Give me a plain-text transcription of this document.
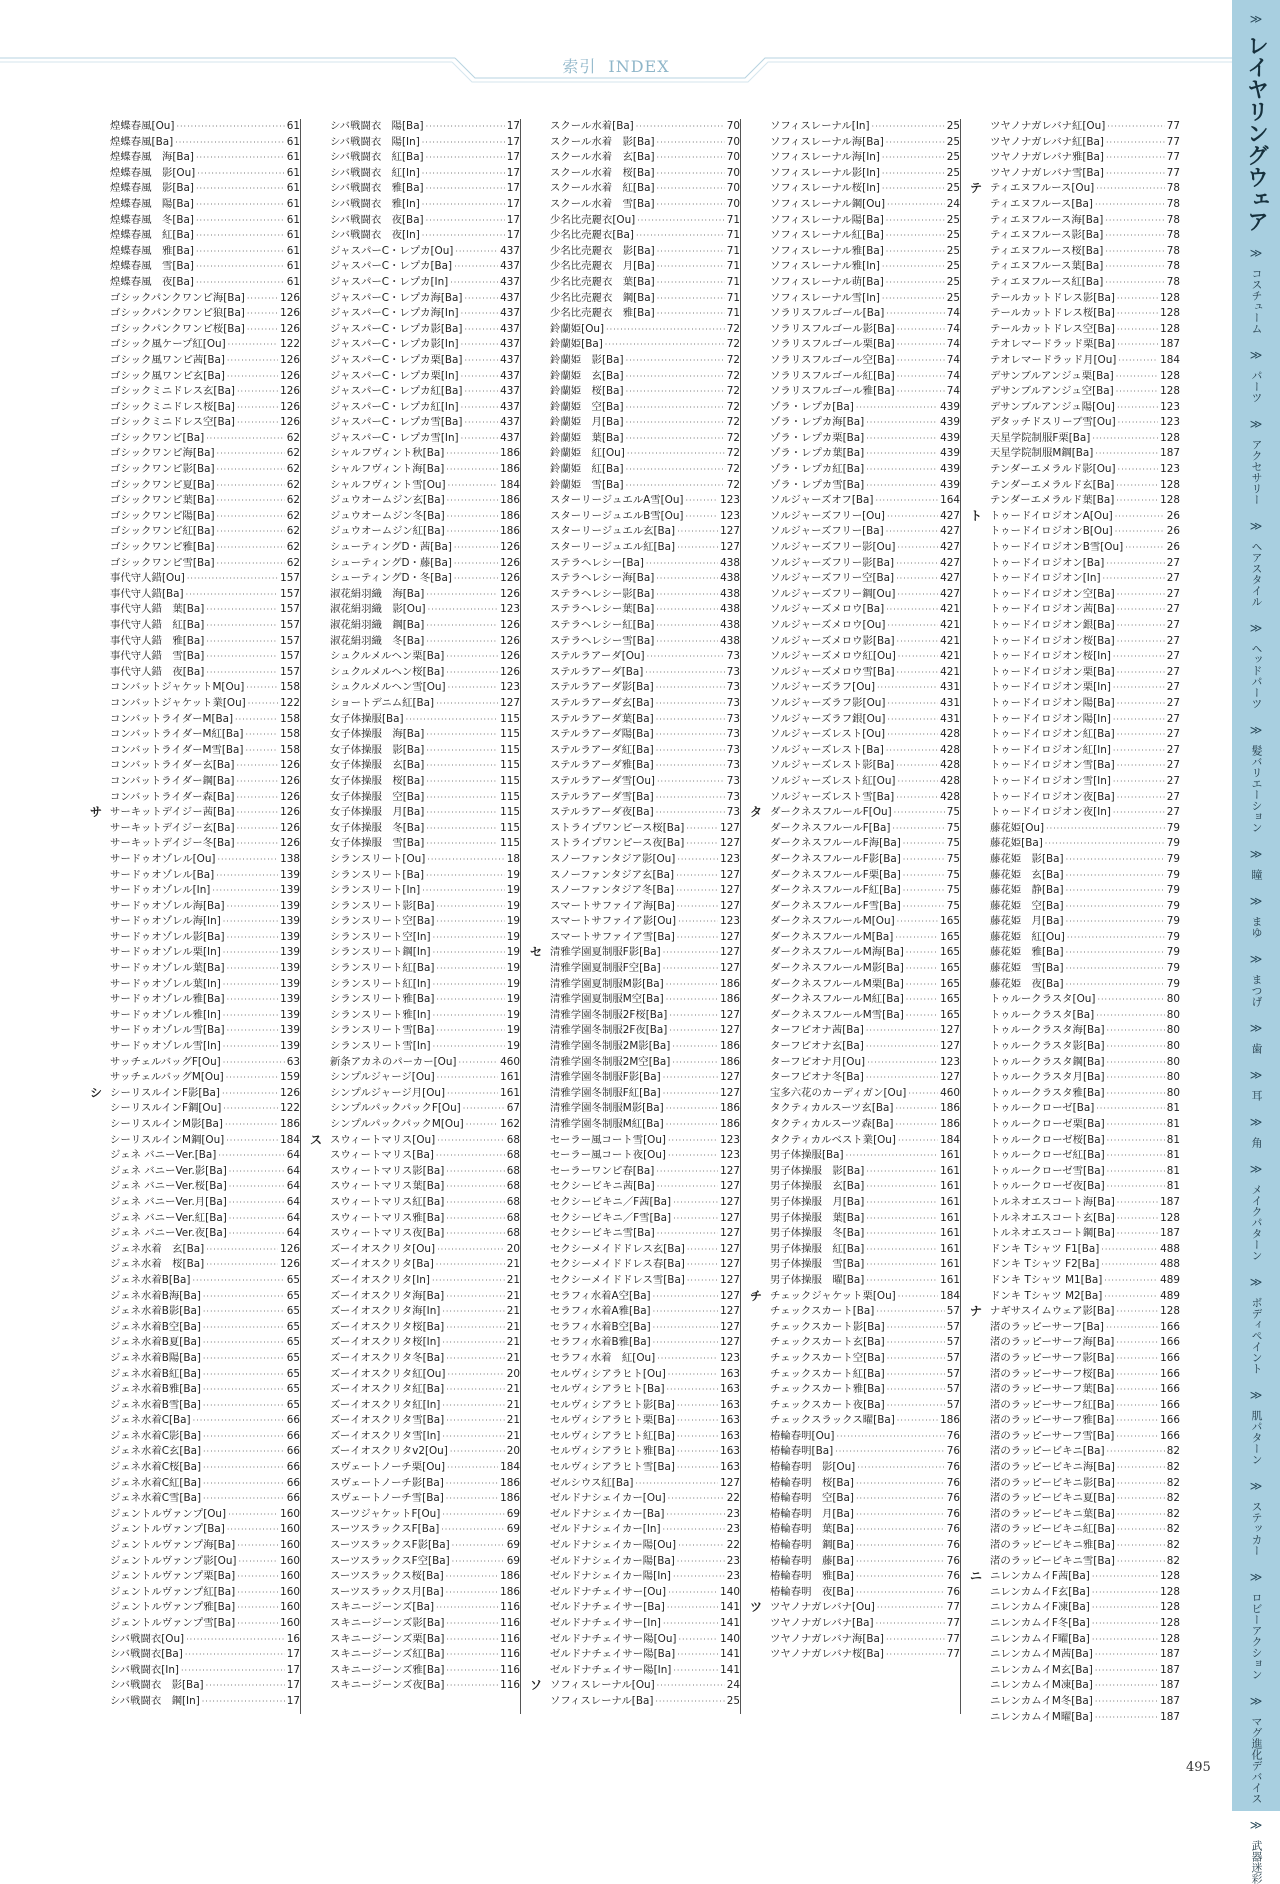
索引 INDEX
煌蝶春風[Ou] ·····	61
煌蝶春風[Ba] ·····	61
煌蝶春風　海[Ba] ·····	61
煌蝶春風　影[Ou] ·····	61
煌蝶春風　影[Ba] ·····	61
煌蝶春風　陽[Ba] ·····	61
煌蝶春風　冬[Ba] ·····	61
煌蝶春風　紅[Ba] ·····	61
煌蝶春風　雅[Ba] ·····	61
煌蝶春風　雪[Ba] ·····	61
煌蝶春風　夜[Ba] ·····	61
ゴシックパンクワンピ海[Ba] ·····	126
ゴシックパンクワンピ狼[Ba] ·····	126
ゴシックパンクワンピ桜[Ba] ·····	126
ゴシック風ケープ紅[Ou] ·····	122
ゴシック風ワンピ茜[Ba] ·····	126
ゴシック風ワンピ玄[Ba] ·····	126
ゴシックミニドレス玄[Ba] ·····	126
ゴシックミニドレス桜[Ba] ·····	126
ゴシックミニドレス空[Ba] ·····	126
ゴシックワンピ[Ba] ·····	62
ゴシックワンピ海[Ba] ·····	62
ゴシックワンピ影[Ba] ·····	62
ゴシックワンピ夏[Ba] ·····	62
ゴシックワンピ葉[Ba] ·····	62
ゴシックワンピ陽[Ba] ·····	62
ゴシックワンピ紅[Ba] ·····	62
ゴシックワンピ雅[Ba] ·····	62
ゴシックワンピ雪[Ba] ·····	62
事代守人錯[Ou] ·····	157
事代守人錯[Ba] ·····	157
事代守人錯　葉[Ba] ·····	157
事代守人錯　紅[Ba] ·····	157
事代守人錯　雅[Ba] ·····	157
事代守人錯　雪[Ba] ·····	157
事代守人錯　夜[Ba] ·····	157
コンバットジャケットM[Ou] ·····	158
コンバットジャケット業[Ou] ·····	122
コンバットライダーM[Ba] ·····	158
コンバットライダーM紅[Ba] ·····	158
コンバットライダーM雪[Ba] ·····	158
コンバットライダー玄[Ba] ·····	126
コンバットライダー鋼[Ba] ·····	126
コンバットライダー森[Ba] ·····	126
サ サーキットデイジー茜[Ba] ·····	126
サーキットデイジー玄[Ba] ·····	126
サーキットデイジー冬[Ba] ·····	126
サードゥオゾレル[Ou] ·····	138
サードゥオゾレル[Ba] ·····	139
サードゥオゾレル[In] ·····	139
サードゥオゾレル海[Ba] ·····	139
サードゥオゾレル海[In] ·····	139
サードゥオゾレル影[Ba] ·····	139
サードゥオゾレル栗[In] ·····	139
サードゥオゾレル葉[Ba] ·····	139
サードゥオゾレル葉[In] ·····	139
サードゥオゾレル雅[Ba] ·····	139
サードゥオゾレル雅[In] ·····	139
サードゥオゾレル雪[Ba] ·····	139
サードゥオゾレル雪[In] ·····	139
サッチェルバッグF[Ou] ·····	63
サッチェルバッグM[Ou] ·····	159
シ シーリスルインF影[Ba] ·····	126
シーリスルインF鋼[Ou] ·····	122
シーリスルインM影[Ba] ·····	186
シーリスルインM鋼[Ou] ·····	184
ジェネ バニーVer.[Ba] ·····	64
ジェネ バニーVer.影[Ba] ·····	64
ジェネ バニーVer.桜[Ba] ·····	64
ジェネ バニーVer.月[Ba] ·····	64
ジェネ バニーVer.紅[Ba] ·····	64
ジェネ バニーVer.夜[Ba] ·····	64
ジェネ水着　玄[Ba] ·····	126
ジェネ水着　桜[Ba] ·····	126
ジェネ水着B[Ba] ·····	65
ジェネ水着B海[Ba] ·····	65
ジェネ水着B影[Ba] ·····	65
ジェネ水着B空[Ba] ·····	65
ジェネ水着B夏[Ba] ·····	65
ジェネ水着B陽[Ba] ·····	65
ジェネ水着B紅[Ba] ·····	65
ジェネ水着B雅[Ba] ·····	65
ジェネ水着B雪[Ba] ·····	65
ジェネ水着C[Ba] ·····	66
ジェネ水着C影[Ba] ·····	66
ジェネ水着C玄[Ba] ·····	66
ジェネ水着C桜[Ba] ·····	66
ジェネ水着C紅[Ba] ·····	66
ジェネ水着C雪[Ba] ·····	66
ジェントルヴァンプ[Ou] ·····	160
ジェントルヴァンプ[Ba] ·····	160
ジェントルヴァンプ海[Ba] ·····	160
ジェントルヴァンプ影[Ou] ·····	160
ジェントルヴァンプ栗[Ba] ·····	160
ジェントルヴァンプ紅[Ba] ·····	160
ジェントルヴァンプ雅[Ba] ·····	160
ジェントルヴァンプ雪[Ba] ·····	160
シバ戦闘衣[Ou] ·····	16
シバ戦闘衣[Ba] ·····	17
シバ戦闘衣[In] ·····	17
シバ戦闘衣　影[Ba] ·····	17
シバ戦闘衣　鋼[In] ·····	17
シバ戦闘衣　陽[Ba] ·····	17
シバ戦闘衣　陽[In] ·····	17
シバ戦闘衣　紅[Ba] ·····	17
シバ戦闘衣　紅[In] ·····	17
シバ戦闘衣　雅[Ba] ·····	17
シバ戦闘衣　雅[In] ·····	17
シバ戦闘衣　夜[Ba] ·····	17
シバ戦闘衣　夜[In] ·····	17
ジャスパーC・レプカ[Ou] ·····	437
ジャスパーC・レプカ[Ba] ·····	437
ジャスパーC・レプカ[In] ·····	437
ジャスパーC・レプカ海[Ba] ·····	437
ジャスパーC・レプカ海[In] ·····	437
ジャスパーC・レプカ影[Ba] ·····	437
ジャスパーC・レプカ影[In] ·····	437
ジャスパーC・レプカ栗[Ba] ·····	437
ジャスパーC・レプカ栗[In] ·····	437
ジャスパーC・レプカ紅[Ba] ·····	437
ジャスパーC・レプカ紅[In] ·····	437
ジャスパーC・レプカ雪[Ba] ·····	437
ジャスパーC・レプカ雪[In] ·····	437
シャルフヴィント秋[Ba] ·····	186
シャルフヴィント海[Ba] ·····	186
シャルフヴィント雪[Ou] ·····	184
ジュウオームジン玄[Ba] ·····	186
ジュウオームジン冬[Ba] ·····	186
ジュウオームジン紅[Ba] ·····	186
シューティングD・茜[Ba] ·····	126
シューティングD・藤[Ba] ·····	126
シューティングD・冬[Ba] ·····	126
淑花絹羽織　海[Ba] ·····	126
淑花絹羽織　影[Ou] ·····	123
淑花絹羽織　鋼[Ba] ·····	126
淑花絹羽織　冬[Ba] ·····	126
シュクルメルヘン栗[Ba] ·····	126
シュクルメルヘン桜[Ba] ·····	126
シュクルメルヘン雪[Ou] ·····	123
ショートデニム紅[Ba] ·····	127
女子体操服[Ba] ·····	115
女子体操服　海[Ba] ·····	115
女子体操服　影[Ba] ·····	115
女子体操服　玄[Ba] ·····	115
女子体操服　桜[Ba] ·····	115
女子体操服　空[Ba] ·····	115
女子体操服　月[Ba] ·····	115
女子体操服　冬[Ba] ·····	115
女子体操服　雪[Ba] ·····	115
シランスリート[Ou] ·····	18
シランスリート[Ba] ·····	19
シランスリート[In] ·····	19
シランスリート影[Ba] ·····	19
シランスリート空[Ba] ·····	19
シランスリート空[In] ·····	19
シランスリート鋼[In] ·····	19
シランスリート紅[Ba] ·····	19
シランスリート紅[In] ·····	19
シランスリート雅[Ba] ·····	19
シランスリート雅[In] ·····	19
シランスリート雪[Ba] ·····	19
シランスリート雪[In] ·····	19
新条アカネのパーカー[Ou] ·····	460
シンプルジャージ[Ou] ·····	161
シンプルジャージ月[Ou] ·····	161
シンプルパックパックF[Ou] ·····	67
シンプルパックパックM[Ou] ·····	162
ス スウィートマリス[Ou] ·····	68
スウィートマリス[Ba] ·····	68
スウィートマリス影[Ba] ·····	68
スウィートマリス葉[Ba] ·····	68
スウィートマリス紅[Ba] ·····	68
スウィートマリス雅[Ba] ·····	68
スウィートマリス夜[Ba] ·····	68
ズーイオスクリタ[Ou] ·····	20
ズーイオスクリタ[Ba] ·····	21
ズーイオスクリタ[In] ·····	21
ズーイオスクリタ海[Ba] ·····	21
ズーイオスクリタ海[In] ·····	21
ズーイオスクリタ桜[Ba] ·····	21
ズーイオスクリタ桜[In] ·····	21
ズーイオスクリタ冬[Ba] ·····	21
ズーイオスクリタ紅[Ou] ·····	20
ズーイオスクリタ紅[Ba] ·····	21
ズーイオスクリタ紅[In] ·····	21
ズーイオスクリタ雪[Ba] ·····	21
ズーイオスクリタ雪[In] ·····	21
ズーイオスクリタv2[Ou] ·····	20
スヴェートノーチ栗[Ou] ·····	184
スヴェートノーチ影[Ba] ·····	186
スヴェートノーチ雪[Ba] ·····	186
スーツジャケットF[Ou] ·····	69
スーツスラックスF[Ba] ·····	69
スーツスラックスF影[Ba] ·····	69
スーツスラックスF空[Ba] ·····	69
スーツスラックス桜[Ba] ·····	186
スーツスラックス月[Ba] ·····	186
スキニージーンズ[Ba] ·····	116
スキニージーンズ影[Ba] ·····	116
スキニージーンズ栗[Ba] ·····	116
スキニージーンズ紅[Ba] ·····	116
スキニージーンズ雅[Ba] ·····	116
スキニージーンズ夜[Ba] ·····	116
スクール水着[Ba] ·····	70
スクール水着　影[Ba] ·····	70
スクール水着　玄[Ba] ·····	70
スクール水着　桜[Ba] ·····	70
スクール水着　紅[Ba] ·····	70
スクール水着　雪[Ba] ·····	70
少名比売麗衣[Ou] ·····	71
少名比売麗衣[Ba] ·····	71
少名比売麗衣　影[Ba] ·····	71
少名比売麗衣　月[Ba] ·····	71
少名比売麗衣　葉[Ba] ·····	71
少名比売麗衣　鋼[Ba] ·····	71
少名比売麗衣　雅[Ba] ·····	71
鈴蘭姫[Ou] ·····	72
鈴蘭姫[Ba] ·····	72
鈴蘭姫　影[Ba] ·····	72
鈴蘭姫　玄[Ba] ·····	72
鈴蘭姫　桜[Ba] ·····	72
鈴蘭姫　空[Ba] ·····	72
鈴蘭姫　月[Ba] ·····	72
鈴蘭姫　葉[Ba] ·····	72
鈴蘭姫　紅[Ou] ·····	72
鈴蘭姫　紅[Ba] ·····	72
鈴蘭姫　雪[Ba] ·····	72
スターリージュエルA雪[Ou] ·····	123
スターリージュエルB雪[Ou] ·····	123
スターリージュエル玄[Ba] ·····	127
スターリージュエル紅[Ba] ·····	127
ステラヘレシー[Ba] ·····	438
ステラヘレシー海[Ba] ·····	438
ステラヘレシー影[Ba] ·····	438
ステラヘレシー葉[Ba] ·····	438
ステラヘレシー紅[Ba] ·····	438
ステラヘレシー雪[Ba] ·····	438
ステルラアーダ[Ou] ·····	73
ステルラアーダ[Ba] ·····	73
ステルラアーダ影[Ba] ·····	73
ステルラアーダ玄[Ba] ·····	73
ステルラアーダ葉[Ba] ·····	73
ステルラアーダ陽[Ba] ·····	73
ステルラアーダ紅[Ba] ·····	73
ステルラアーダ雅[Ba] ·····	73
ステルラアーダ雪[Ou] ·····	73
ステルラアーダ雪[Ba] ·····	73
ステルラアーダ夜[Ba] ·····	73
ストライプワンピース桜[Ba] ·····	127
ストライプワンピース夜[Ba] ·····	127
スノーファンタジア影[Ou] ·····	123
スノーファンタジア玄[Ba] ·····	127
スノーファンタジア冬[Ba] ·····	127
スマートサファイア海[Ba] ·····	127
スマートサファイア影[Ou] ·····	123
スマートサファイア雪[Ba] ·····	127
セ 清雅学園夏制服F影[Ba] ·····	127
清雅学園夏制服F空[Ba] ·····	127
清雅学園夏制服M影[Ba] ·····	186
清雅学園夏制服M空[Ba] ·····	186
清雅学園冬制服2F桜[Ba] ·····	127
清雅学園冬制服2F夜[Ba] ·····	127
清雅学園冬制服2M影[Ba] ·····	186
清雅学園冬制服2M空[Ba] ·····	186
清雅学園冬制服F影[Ba] ·····	127
清雅学園冬制服F紅[Ba] ·····	127
清雅学園冬制服M影[Ba] ·····	186
清雅学園冬制服M紅[Ba] ·····	186
セーラー風コート雪[Ou] ·····	123
セーラー風コート夜[Ou] ·····	123
セーラーワンピ春[Ba] ·····	127
セクシービキニ茜[Ba] ·····	127
セクシービキニ／F茜[Ba] ·····	127
セクシービキニ／F雪[Ba] ·····	127
セクシービキニ雪[Ba] ·····	127
セクシーメイドドレス玄[Ba] ·····	127
セクシーメイドドレス春[Ba] ·····	127
セクシーメイドドレス雪[Ba] ·····	127
セラフィ水着A空[Ba] ·····	127
セラフィ水着A雅[Ba] ·····	127
セラフィ水着B空[Ba] ·····	127
セラフィ水着B雅[Ba] ·····	127
セラフィ水着　紅[Ou] ·····	123
セルヴィシアラヒト[Ou] ·····	163
セルヴィシアラヒト[Ba] ·····	163
セルヴィシアラヒト影[Ba] ·····	163
セルヴィシアラヒト栗[Ba] ·····	163
セルヴィシアラヒト紅[Ba] ·····	163
セルヴィシアラヒト雅[Ba] ·····	163
セルヴィシアラヒト雪[Ba] ·····	163
ゼルシウス紅[Ba] ·····	127
ゼルドナシェイカー[Ou] ·····	22
ゼルドナシェイカー[Ba] ·····	23
ゼルドナシェイカー[In] ·····	23
ゼルドナシェイカー陽[Ou] ·····	22
ゼルドナシェイカー陽[Ba] ·····	23
ゼルドナシェイカー陽[In] ·····	23
ゼルドナチェイサー[Ou] ·····	140
ゼルドナチェイサー[Ba] ·····	141
ゼルドナチェイサー[In] ·····	141
ゼルドナチェイサー陽[Ou] ·····	140
ゼルドナチェイサー陽[Ba] ·····	141
ゼルドナチェイサー陽[In] ·····	141
ソ ソフィスレーナル[Ou] ·····	24
ソフィスレーナル[Ba] ·····	25
ソフィスレーナル[In] ·····	25
ソフィスレーナル海[Ba] ·····	25
ソフィスレーナル海[In] ·····	25
ソフィスレーナル影[In] ·····	25
ソフィスレーナル桜[In] ·····	25
ソフィスレーナル鋼[Ou] ·····	24
ソフィスレーナル陽[Ba] ·····	25
ソフィスレーナル紅[Ba] ·····	25
ソフィスレーナル雅[Ba] ·····	25
ソフィスレーナル雅[In] ·····	25
ソフィスレーナル萌[Ba] ·····	25
ソフィスレーナル雪[In] ·····	25
ソラリスフルゴール[Ba] ·····	74
ソラリスフルゴール影[Ba] ·····	74
ソラリスフルゴール栗[Ba] ·····	74
ソラリスフルゴール空[Ba] ·····	74
ソラリスフルゴール紅[Ba] ·····	74
ソラリスフルゴール雅[Ba] ·····	74
ゾラ・レプカ[Ba] ·····	439
ゾラ・レプカ海[Ba] ·····	439
ゾラ・レプカ栗[Ba] ·····	439
ゾラ・レプカ葉[Ba] ·····	439
ゾラ・レプカ紅[Ba] ·····	439
ゾラ・レプカ雪[Ba] ·····	439
ソルジャーズオフ[Ba] ·····	164
ソルジャーズフリー[Ou] ·····	427
ソルジャーズフリー[Ba] ·····	427
ソルジャーズフリー影[Ou] ·····	427
ソルジャーズフリー影[Ba] ·····	427
ソルジャーズフリー空[Ba] ·····	427
ソルジャーズフリー鋼[Ou] ·····	427
ソルジャーズメロウ[Ba] ·····	421
ソルジャーズメロウ[Ou] ·····	421
ソルジャーズメロウ影[Ba] ·····	421
ソルジャーズメロウ紅[Ou] ·····	421
ソルジャーズメロウ雪[Ba] ·····	421
ソルジャーズラフ[Ou] ·····	431
ソルジャーズラフ影[Ou] ·····	431
ソルジャーズラフ銀[Ou] ·····	431
ソルジャーズレスト[Ou] ·····	428
ソルジャーズレスト[Ba] ·····	428
ソルジャーズレスト影[Ba] ·····	428
ソルジャーズレスト紅[Ou] ·····	428
ソルジャーズレスト雪[Ba] ·····	428
タ ダークネスフルールF[Ou] ·····	75
ダークネスフルールF[Ba] ·····	75
ダークネスフルールF海[Ba] ·····	75
ダークネスフルールF影[Ba] ·····	75
ダークネスフルールF栗[Ba] ·····	75
ダークネスフルールF紅[Ba] ·····	75
ダークネスフルールF雪[Ba] ·····	75
ダークネスフルールM[Ou] ·····	165
ダークネスフルールM[Ba] ·····	165
ダークネスフルールM海[Ba] ·····	165
ダークネスフルールM影[Ba] ·····	165
ダークネスフルールM栗[Ba] ·····	165
ダークネスフルールM紅[Ba] ·····	165
ダークネスフルールM雪[Ba] ·····	165
ターフピオナ茜[Ba] ·····	127
ターフピオナ玄[Ba] ·····	127
ターフピオナ月[Ou] ·····	123
ターフピオナ冬[Ba] ·····	127
宝多六花のカーディガン[Ou] ·····	460
タクティカルスーツ玄[Ba] ·····	186
タクティカルスーツ森[Ba] ·····	186
タクティカルベスト業[Ou] ·····	184
男子体操服[Ba] ·····	161
男子体操服　影[Ba] ·····	161
男子体操服　玄[Ba] ·····	161
男子体操服　月[Ba] ·····	161
男子体操服　葉[Ba] ·····	161
男子体操服　冬[Ba] ·····	161
男子体操服　紅[Ba] ·····	161
男子体操服　雪[Ba] ·····	161
男子体操服　曜[Ba] ·····	161
チ チェックジャケット栗[Ou] ·····	184
チェックスカート[Ba] ·····	57
チェックスカート影[Ba] ·····	57
チェックスカート玄[Ba] ·····	57
チェックスカート空[Ba] ·····	57
チェックスカート紅[Ba] ·····	57
チェックスカート雅[Ba] ·····	57
チェックスカート夜[Ba] ·····	57
チェックスラックス曜[Ba] ·····	186
椿輪春明[Ou] ·····	76
椿輪春明[Ba] ·····	76
椿輪春明　影[Ou] ·····	76
椿輪春明　桜[Ba] ·····	76
椿輪春明　空[Ba] ·····	76
椿輪春明　月[Ba] ·····	76
椿輪春明　葉[Ba] ·····	76
椿輪春明　鋼[Ba] ·····	76
椿輪春明　藤[Ba] ·····	76
椿輪春明　雅[Ba] ·····	76
椿輪春明　夜[Ba] ·····	76
ツ ツヤノナガレバナ[Ou] ·····	77
ツヤノナガレバナ[Ba] ·····	77
ツヤノナガレバナ海[Ba] ·····	77
ツヤノナガレバナ桜[Ba] ·····	77
ツヤノナガレバナ紅[Ou] ·····	77
ツヤノナガレバナ紅[Ba] ·····	77
ツヤノナガレバナ雅[Ba] ·····	77
ツヤノナガレバナ雪[Ba] ·····	77
テ ティエヌフルース[Ou] ·····	78
ティエヌフルース[Ba] ·····	78
ティエヌフルース海[Ba] ·····	78
ティエヌフルース影[Ba] ·····	78
ティエヌフルース桜[Ba] ·····	78
ティエヌフルース葉[Ba] ·····	78
ティエヌフルース紅[Ba] ·····	78
テールカットドレス影[Ba] ·····	128
テールカットドレス桜[Ba] ·····	128
テールカットドレス空[Ba] ·····	128
テオレマードラッド栗[Ba] ·····	187
テオレマードラッド月[Ou] ·····	184
デサンブルアンジュ栗[Ba] ·····	128
デサンブルアンジュ空[Ba] ·····	128
デサンブルアンジュ陽[Ou] ·····	123
デタッチドスリーブ雪[Ou] ·····	123
天星学院制服F栗[Ba] ·····	128
天星学院制服M鋼[Ba] ·····	187
テンダーエメラルド影[Ou] ·····	123
テンダーエメラルド玄[Ba] ·····	128
テンダーエメラルド葉[Ba] ·····	128
ト トゥードイロジオンA[Ou] ·····	26
トゥードイロジオンB[Ou] ·····	26
トゥードイロジオンB雪[Ou] ·····	26
トゥードイロジオン[Ba] ·····	27
トゥードイロジオン[In] ·····	27
トゥードイロジオン空[Ba] ·····	27
トゥードイロジオン茜[Ba] ·····	27
トゥードイロジオン銀[Ba] ·····	27
トゥードイロジオン桜[Ba] ·····	27
トゥードイロジオン桜[In] ·····	27
トゥードイロジオン栗[Ba] ·····	27
トゥードイロジオン栗[In] ·····	27
トゥードイロジオン陽[Ba] ·····	27
トゥードイロジオン陽[In] ·····	27
トゥードイロジオン紅[Ba] ·····	27
トゥードイロジオン紅[In] ·····	27
トゥードイロジオン雪[Ba] ·····	27
トゥードイロジオン雪[In] ·····	27
トゥードイロジオン夜[Ba] ·····	27
トゥードイロジオン夜[In] ·····	27
藤花姫[Ou] ·····	79
藤花姫[Ba] ·····	79
藤花姫　影[Ba] ·····	79
藤花姫　玄[Ba] ·····	79
藤花姫　静[Ba] ·····	79
藤花姫　空[Ba] ·····	79
藤花姫　月[Ba] ·····	79
藤花姫　紅[Ou] ·····	79
藤花姫　雅[Ba] ·····	79
藤花姫　雪[Ba] ·····	79
藤花姫　夜[Ba] ·····	79
トゥルークラスタ[Ou] ·····	80
トゥルークラスタ[Ba] ·····	80
トゥルークラスタ海[Ba] ·····	80
トゥルークラスタ影[Ba] ·····	80
トゥルークラスタ鋼[Ba] ·····	80
トゥルークラスタ月[Ba] ·····	80
トゥルークラスタ雅[Ba] ·····	80
トゥルークローゼ[Ba] ·····	81
トゥルークローゼ栗[Ba] ·····	81
トゥルークローゼ桜[Ba] ·····	81
トゥルークローゼ紅[Ba] ·····	81
トゥルークローゼ雪[Ba] ·····	81
トゥルークローゼ夜[Ba] ·····	81
トルネオエスコート海[Ba] ·····	187
トルネオエスコート玄[Ba] ·····	128
トルネオエスコート鋼[Ba] ·····	187
ドンキ Tシャツ F1[Ba] ·····	488
ドンキ Tシャツ F2[Ba] ·····	488
ドンキ Tシャツ M1[Ba] ·····	489
ドンキ Tシャツ M2[Ba] ·····	489
ナ ナギサスイムウェア影[Ba] ·····	128
渚のラッピーサーフ[Ba] ·····	166
渚のラッピーサーフ海[Ba] ·····	166
渚のラッピーサーフ影[Ba] ·····	166
渚のラッピーサーフ桜[Ba] ·····	166
渚のラッピーサーフ葉[Ba] ·····	166
渚のラッピーサーフ紅[Ba] ·····	166
渚のラッピーサーフ雅[Ba] ·····	166
渚のラッピーサーフ雪[Ba] ·····	166
渚のラッピービキニ[Ba] ·····	82
渚のラッピービキニ海[Ba] ·····	82
渚のラッピービキニ影[Ba] ·····	82
渚のラッピービキニ夏[Ba] ·····	82
渚のラッピービキニ葉[Ba] ·····	82
渚のラッピービキニ紅[Ba] ·····	82
渚のラッピービキニ雅[Ba] ·····	82
渚のラッピービキニ雪[Ba] ·····	82
ニ ニレンカムイF茜[Ba] ·····	128
ニレンカムイF玄[Ba] ·····	128
ニレンカムイF凍[Ba] ·····	128
ニレンカムイF冬[Ba] ·····	128
ニレンカムイF曜[Ba] ·····	128
ニレンカムイM茜[Ba] ·····	187
ニレンカムイM玄[Ba] ·····	187
ニレンカムイM凍[Ba] ·····	187
ニレンカムイM冬[Ba] ·····	187
ニレンカムイM曜[Ba] ·····	187
≫
レイヤリングウェア
≫
コスチューム
≫
パーツ
≫
アクセサリー
≫
ヘアスタイル
≫
ヘッドパーツ
≫
髪バリエーション
≫
瞳
≫
まゆ
≫
まつげ
≫
歯
≫
耳
≫
角
≫
メイクパターン
≫
ボディペイント
≫
肌パターン
≫
ステッカー
≫
ロビーアクション
≫
マグ進化デバイス
≫
武器迷彩
495
